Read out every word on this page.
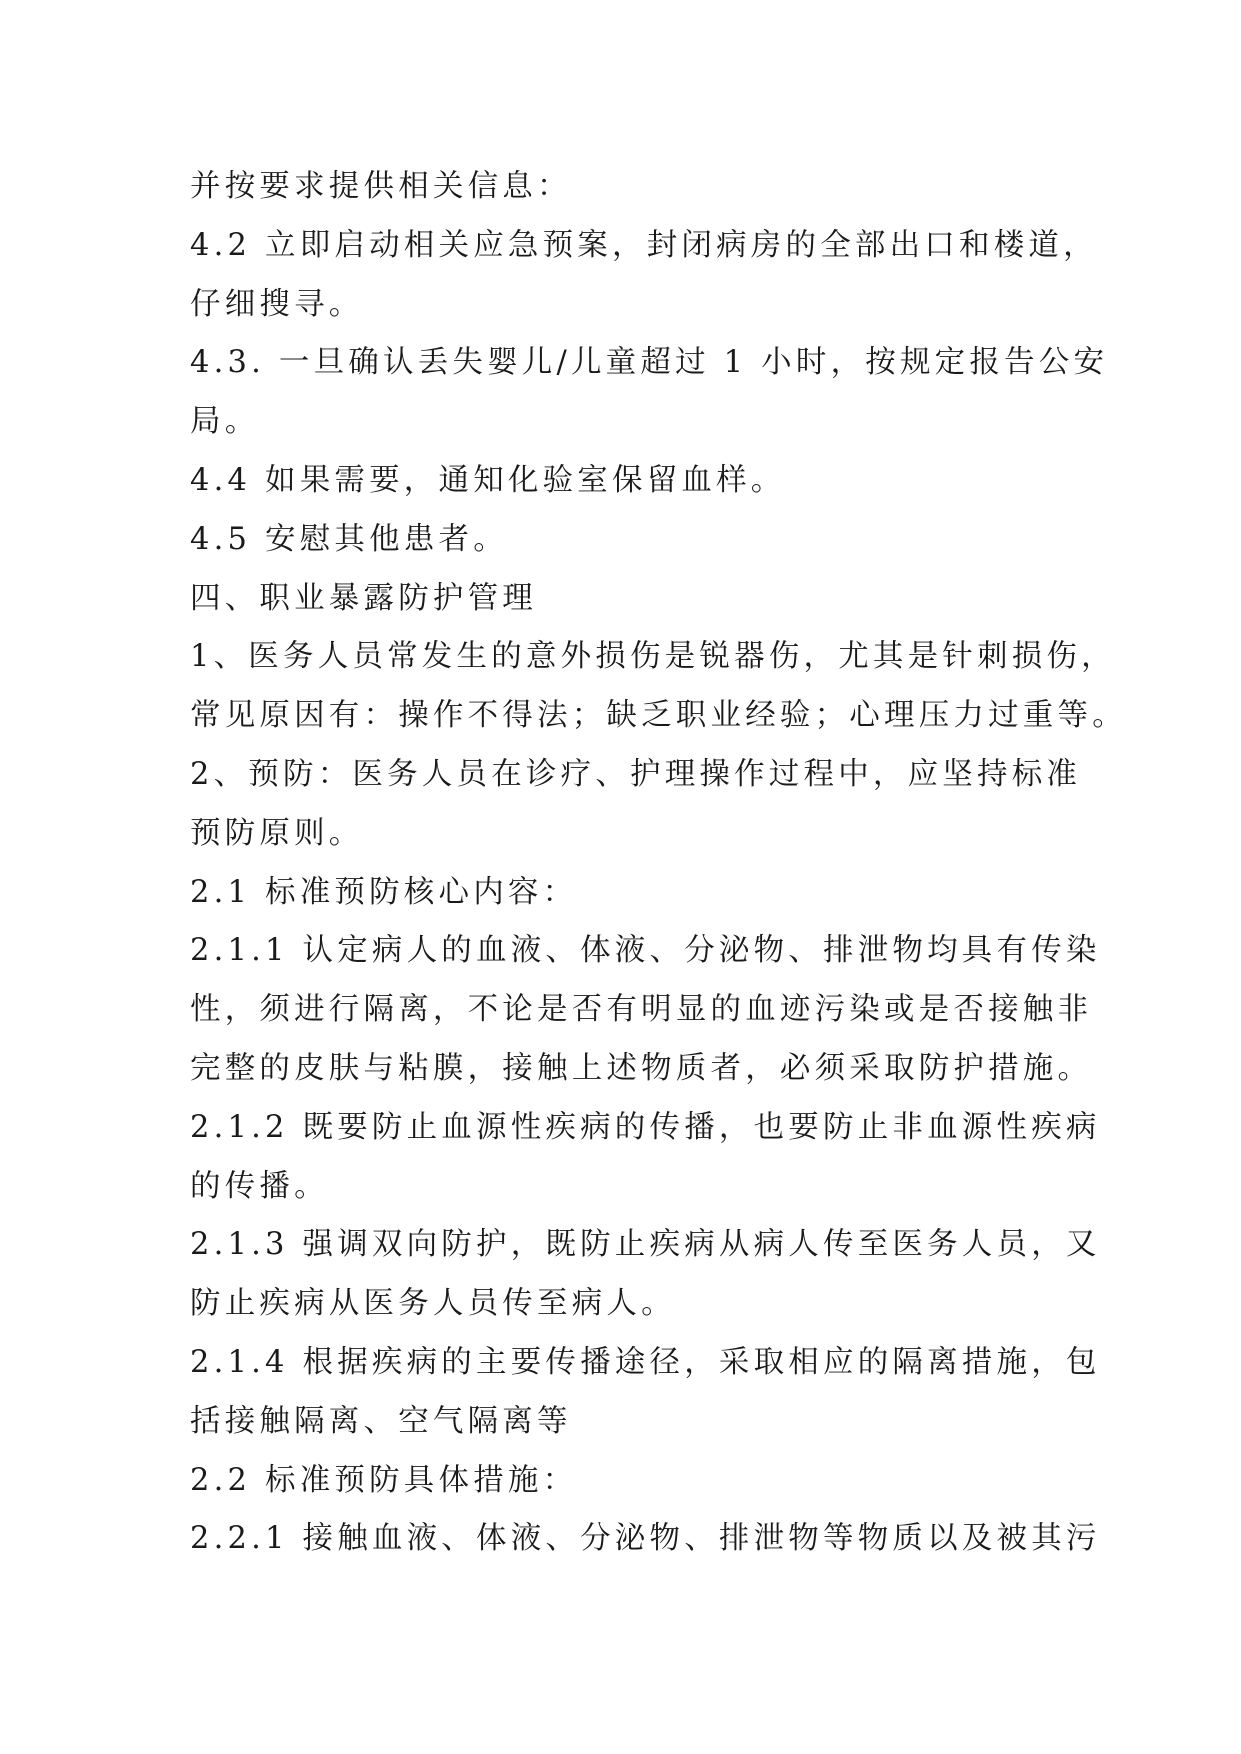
并按要求提供相关信息：
4.2 立即启动相关应急预案，封闭病房的全部出口和楼道，
仔细搜寻。
4.3. 一旦确认丢失婴儿/儿童超过 1 小时，按规定报告公安
局。
4.4 如果需要，通知化验室保留血样。
4.5 安慰其他患者。
四、职业暴露防护管理
1、医务人员常发生的意外损伤是锐器伤，尤其是针刺损伤，
常见原因有：操作不得法；缺乏职业经验；心理压力过重等。
2、预防：医务人员在诊疗、护理操作过程中，应坚持标准
预防原则。
2.1 标准预防核心内容：
2.1.1 认定病人的血液、体液、分泌物、排泄物均具有传染
性，须进行隔离，不论是否有明显的血迹污染或是否接触非
完整的皮肤与粘膜，接触上述物质者，必须采取防护措施。
2.1.2 既要防止血源性疾病的传播，也要防止非血源性疾病
的传播。
2.1.3 强调双向防护，既防止疾病从病人传至医务人员，又
防止疾病从医务人员传至病人。
2.1.4 根据疾病的主要传播途径，采取相应的隔离措施，包
括接触隔离、空气隔离等
2.2 标准预防具体措施：
2.2.1 接触血液、体液、分泌物、排泄物等物质以及被其污
